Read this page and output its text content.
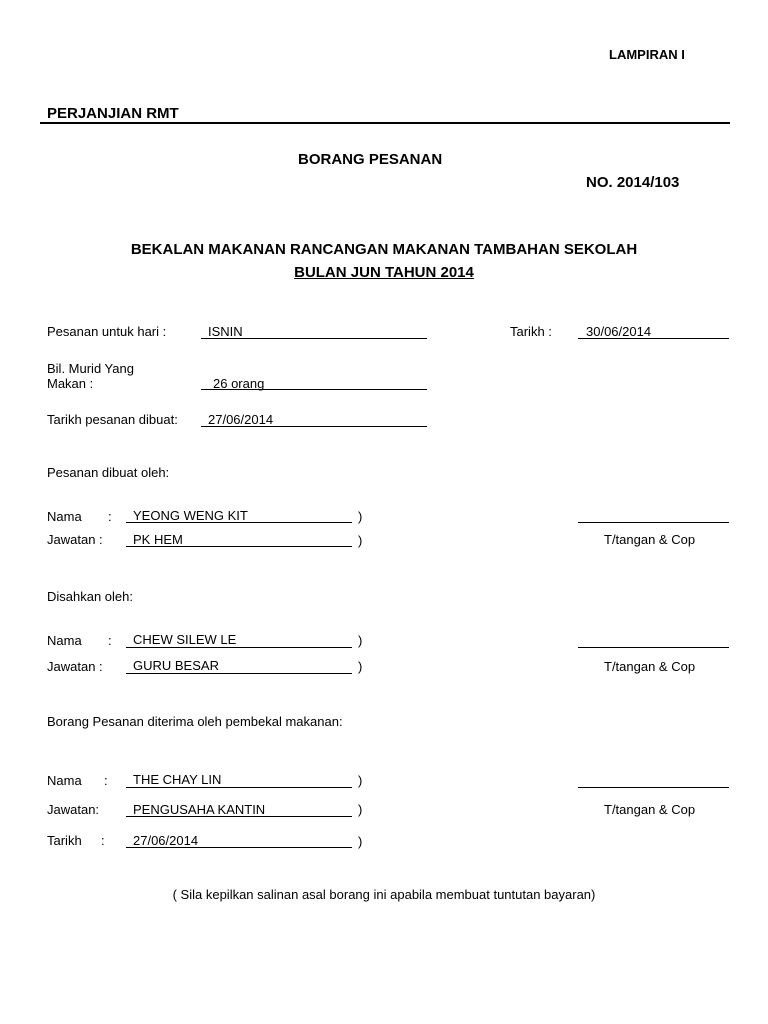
LAMPIRAN I
PERJANJIAN RMT
BORANG PESANAN
NO. 2014/103
BEKALAN MAKANAN RANCANGAN MAKANAN TAMBAHAN SEKOLAH
BULAN JUN TAHUN 2014
Pesanan untuk hari :	ISNIN	Tarikh :	30/06/2014
Bil. Murid Yang
Makan :	26 orang
Tarikh pesanan dibuat: 27/06/2014
Pesanan dibuat oleh:
Nama : YEONG WENG KIT	)
Jawatan : PK HEM	)	T/tangan & Cop
Disahkan oleh:
Nama : CHEW SILEW LE	)
Jawatan : GURU BESAR	)	T/tangan & Cop
Borang Pesanan diterima oleh pembekal makanan:
Nama : THE CHAY LIN	)
Jawatan:	PENGUSAHA KANTIN	)	T/tangan & Cop
Tarikh : 27/06/2014	)
( Sila kepilkan salinan asal borang ini apabila membuat tuntutan bayaran)
